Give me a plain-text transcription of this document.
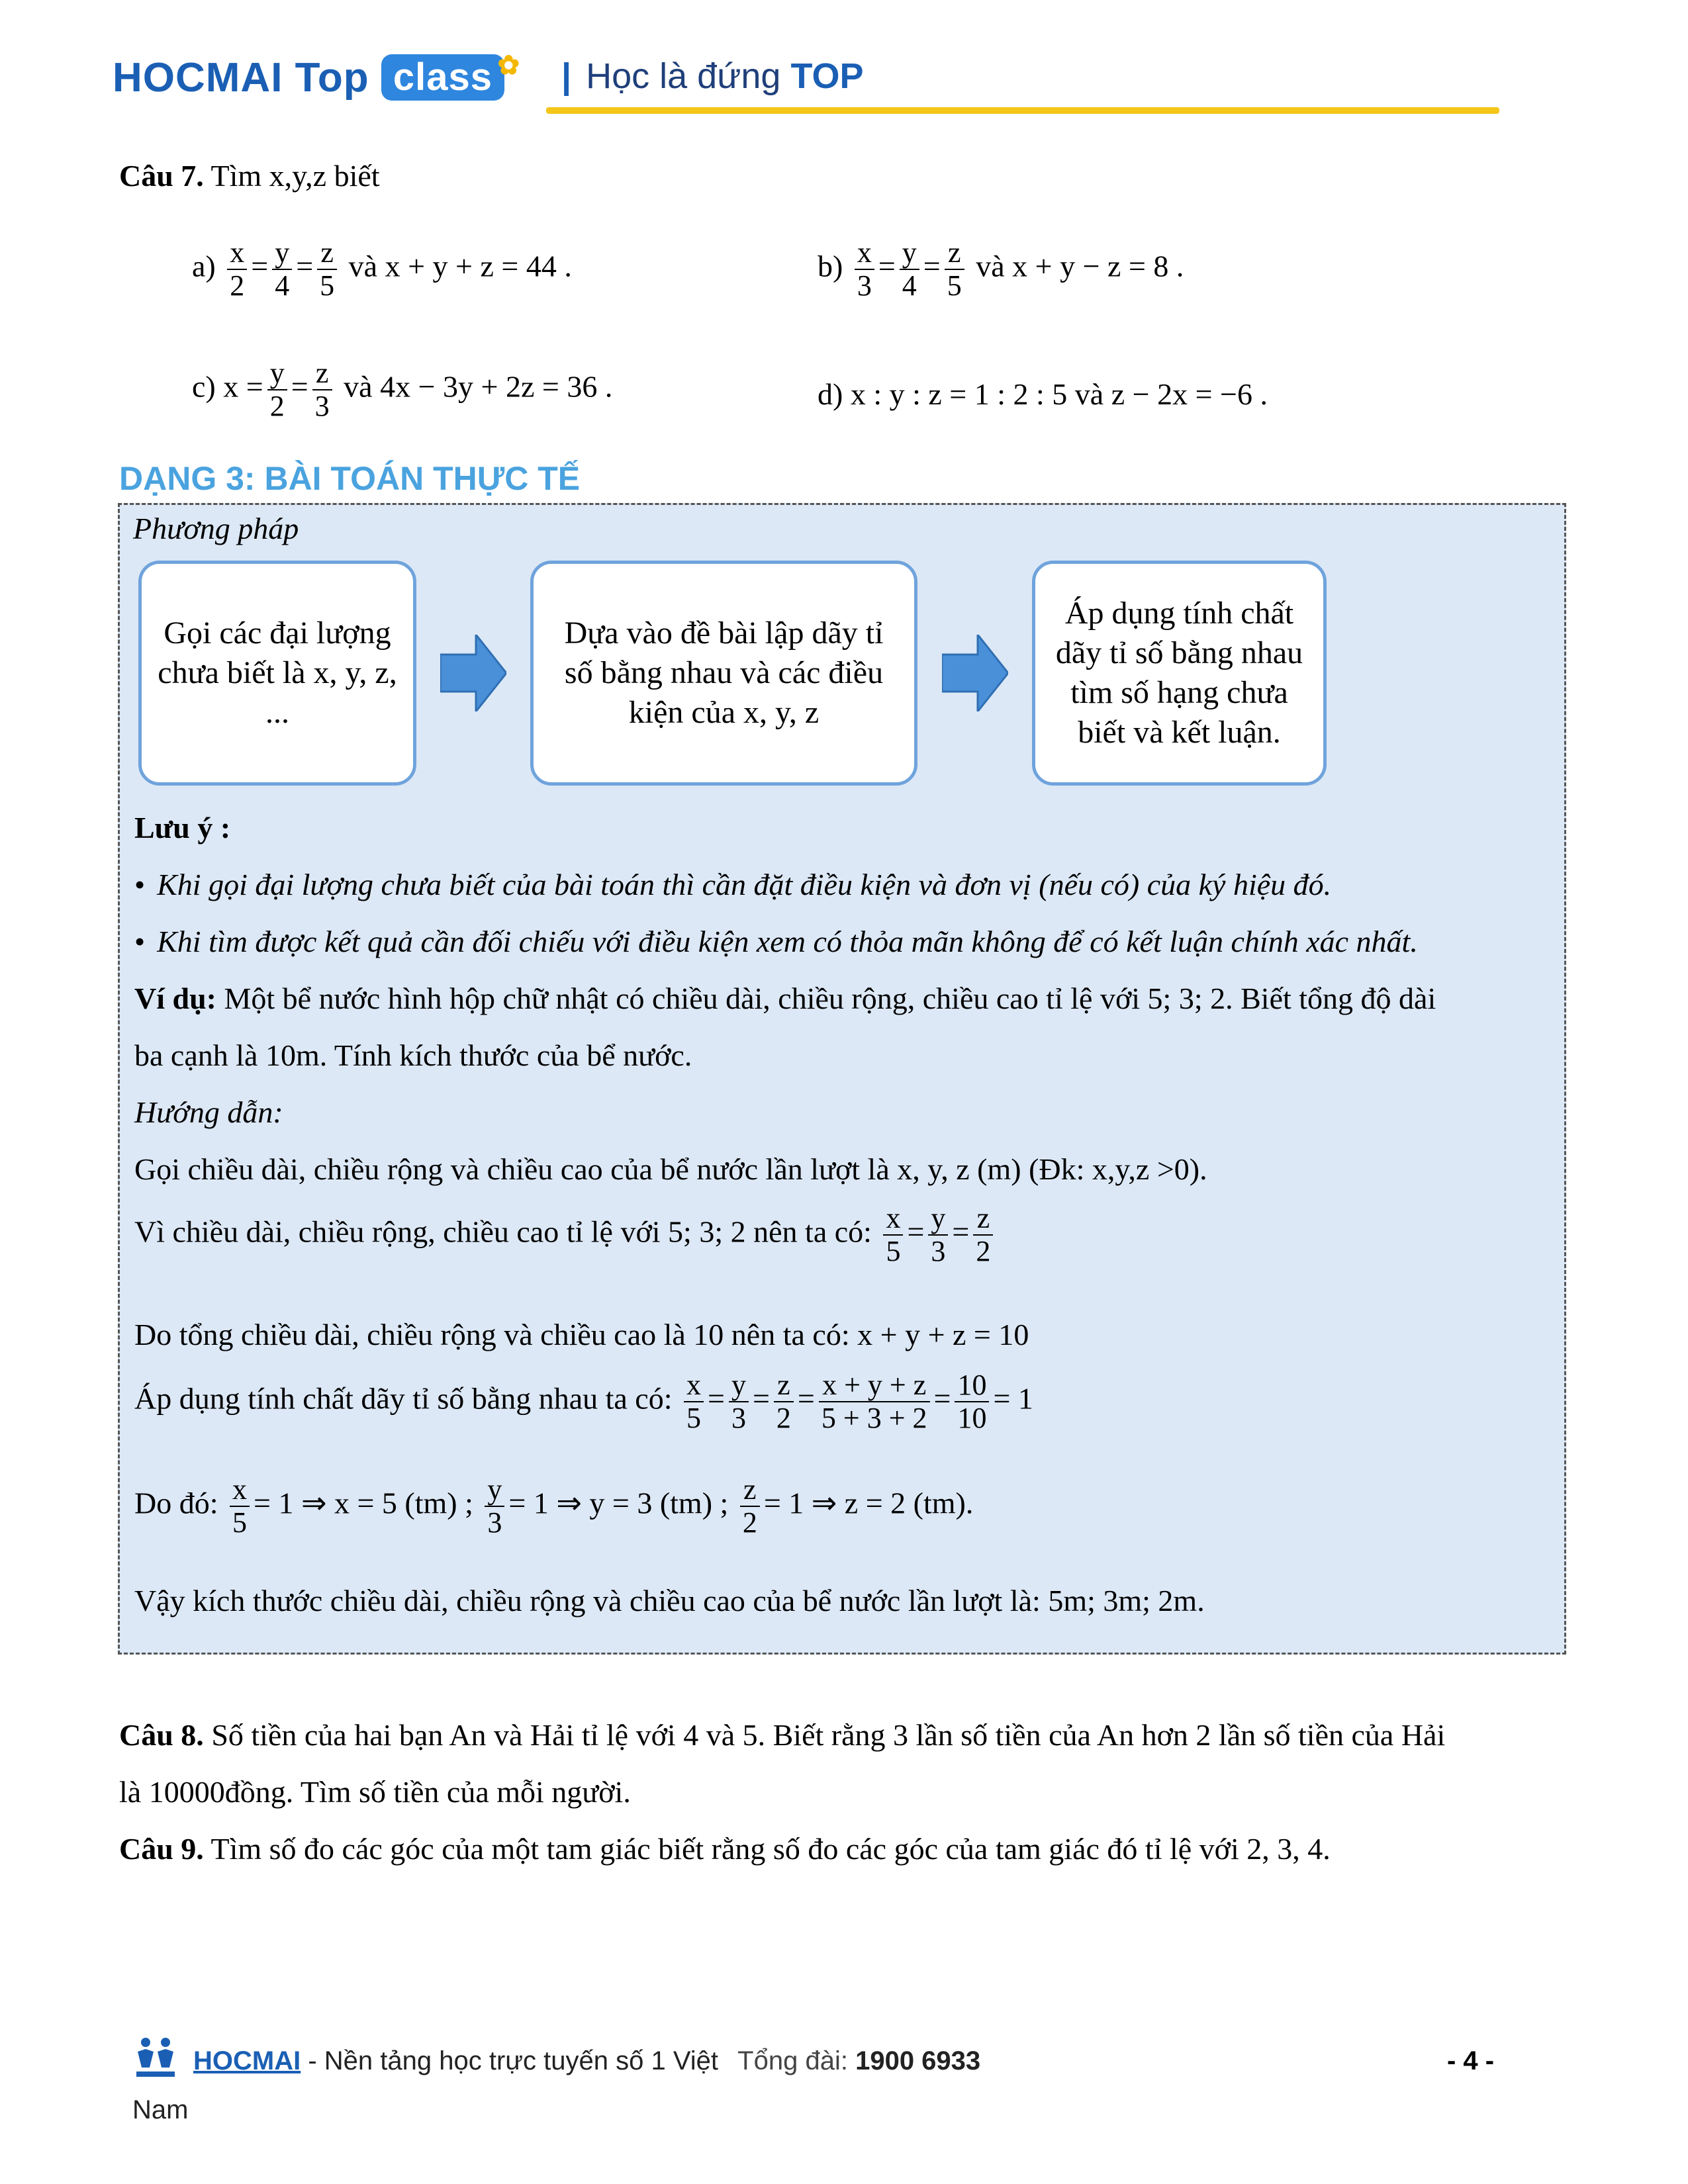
HOCMAI Top class ✿ | Học là đứng TOP
Câu 7. Tìm x,y,z biết
$a) \frac{x}{2} = \frac{y}{4} = \frac{z}{5}$ và x + y + z = 44 .	$b) \frac{x}{3} = \frac{y}{4} = \frac{z}{5}$ và x + y − z = 8 .
c) $x = \frac{y}{2} = \frac{z}{3}$ và 4x − 3y + 2z = 36 .	d) x : y : z = 1 : 2 : 5 và z − 2x = −6 .
DẠNG 3: BÀI TOÁN THỰC TẾ
Phương pháp
Gọi các đại lượng chưa biết là x, y, z, ...
Dựa vào đề bài lập dãy tỉ số bằng nhau và các điều kiện của x, y, z
Áp dụng tính chất dãy tỉ số bằng nhau tìm số hạng chưa biết và kết luận.
Lưu ý :
• Khi gọi đại lượng chưa biết của bài toán thì cần đặt điều kiện và đơn vị (nếu có) của ký hiệu đó.
• Khi tìm được kết quả cần đối chiếu với điều kiện xem có thỏa mãn không để có kết luận chính xác nhất.
Ví dụ: Một bể nước hình hộp chữ nhật có chiều dài, chiều rộng, chiều cao tỉ lệ với 5; 3; 2. Biết tổng độ dài
ba cạnh là 10m. Tính kích thước của bể nước.
Hướng dẫn:
Gọi chiều dài, chiều rộng và chiều cao của bể nước lần lượt là x, y, z (m) (Đk: x,y,z >0).
Vì chiều dài, chiều rộng, chiều cao tỉ lệ với 5; 3; 2 nên ta có: $\frac{x}{5} = \frac{y}{3} = \frac{z}{2}$
Do tổng chiều dài, chiều rộng và chiều cao là 10 nên ta có: x + y + z = 10
Áp dụng tính chất dãy tỉ số bằng nhau ta có: $\frac{x}{5} = \frac{y}{3} = \frac{z}{2} = \frac{x + y + z}{5 + 3 + 2} = \frac{10}{10} = 1$
Do đó: $\frac{x}{5} = 1$ ⇒ x = 5 (tm) ; $\frac{y}{3} = 1$ ⇒ y = 3 (tm) ; $\frac{z}{2} = 1$ ⇒ z = 2 (tm).
Vậy kích thước chiều dài, chiều rộng và chiều cao của bể nước lần lượt là: 5m; 3m; 2m.
Câu 8. Số tiền của hai bạn An và Hải tỉ lệ với 4 và 5. Biết rằng 3 lần số tiền của An hơn 2 lần số tiền của Hải
là 10000đồng. Tìm số tiền của mỗi người.
Câu 9. Tìm số đo các góc của một tam giác biết rằng số đo các góc của tam giác đó tỉ lệ với 2, 3, 4.
HOCMAI - Nền tảng học trực tuyến số 1 Việt Tổng đài: 1900 6933	- 4 -
Nam
